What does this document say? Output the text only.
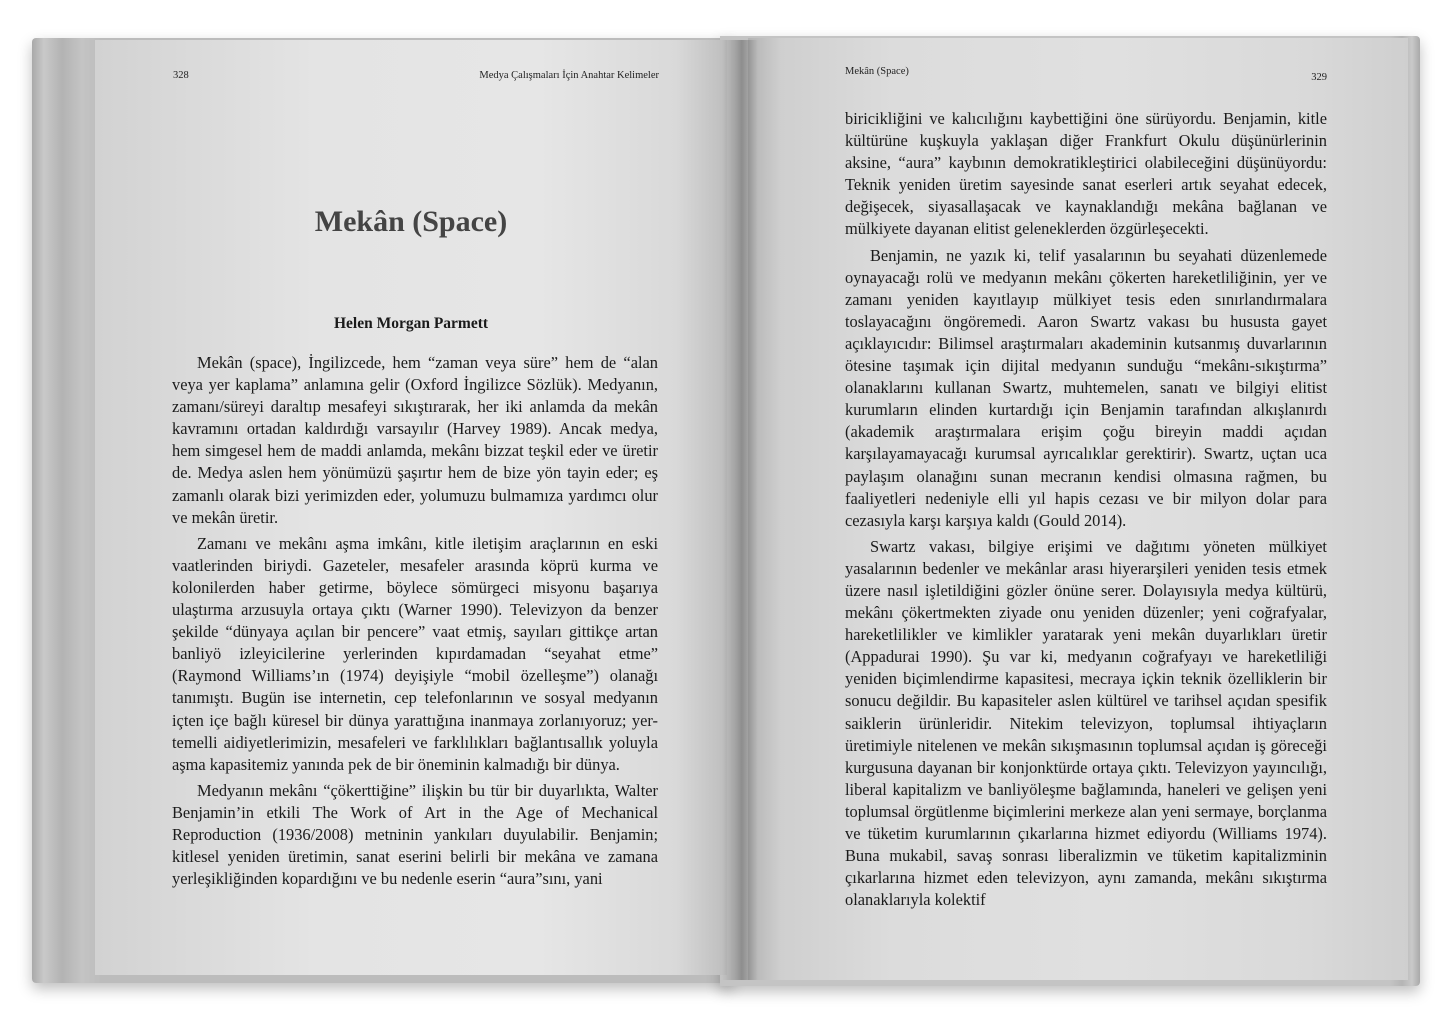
328	Medya Çalışmaları İçin Anahtar Kelimeler
Mekân (Space)
Helen Morgan Parmett

Mekân (space), İngilizcede, hem “zaman veya süre” hem de “alan veya yer kaplama” anlamına gelir (Oxford İngilizce Sözlük). Medyanın, zamanı/süreyi daraltıp mesafeyi sıkıştırarak, her iki anlamda da mekân kavramını ortadan kaldırdığı varsayılır (Harvey 1989). Ancak medya, hem simgesel hem de maddi anlamda, mekânı bizzat teşkil eder ve üretir de. Medya aslen hem yönümüzü şaşırtır hem de bize yön tayin eder; eş zamanlı olarak bizi yerimizden eder, yolumuzu bulmamıza yardımcı olur ve mekân üretir.

Zamanı ve mekânı aşma imkânı, kitle iletişim araçlarının en eski vaatlerinden biriydi. Gazeteler, mesafeler arasında köprü kurma ve kolonilerden haber getirme, böylece sömürgeci misyonu başarıya ulaştırma arzusuyla ortaya çıktı (Warner 1990). Televizyon da benzer şekilde “dünyaya açılan bir pencere” vaat etmiş, sayıları gittikçe artan banliyö izleyicilerine yerlerinden kıpırdamadan “seyahat etme” (Raymond Williams’ın (1974) deyişiyle “mobil özelleşme”) olanağı tanımıştı. Bugün ise internetin, cep telefonlarının ve sosyal medyanın içten içe bağlı küresel bir dünya yarattığına inanmaya zorlanıyoruz; yer-temelli aidiyetlerimizin, mesafeleri ve farklılıkları bağlantısallık yoluyla aşma kapasitemiz yanında pek de bir öneminin kalmadığı bir dünya.

Medyanın mekânı “çökerttiğine” ilişkin bu tür bir duyarlıkta, Walter Benjamin’in etkili The Work of Art in the Age of Mechanical Reproduction (1936/2008) metninin yankıları duyulabilir. Benjamin; kitlesel yeniden üretimin, sanat eserini belirli bir mekâna ve zamana yerleşikliğinden kopardığını ve bu nedenle eserin “aura”sını, yani

Mekân (Space)
329

biricikliğini ve kalıcılığını kaybettiğini öne sürüyordu. Benjamin, kitle kültürüne kuşkuyla yaklaşan diğer Frankfurt Okulu düşünürlerinin aksine, “aura” kaybının demokratikleştirici olabileceğini düşünüyordu: Teknik yeniden üretim sayesinde sanat eserleri artık seyahat edecek, değişecek, siyasallaşacak ve kaynaklandığı mekâna bağlanan ve mülkiyete dayanan elitist geleneklerden özgürleşecekti.

Benjamin, ne yazık ki, telif yasalarının bu seyahati düzenlemede oynayacağı rolü ve medyanın mekânı çökerten hareketliliğinin, yer ve zamanı yeniden kayıtlayıp mülkiyet tesis eden sınırlandırmalara toslayacağını öngöremedi. Aaron Swartz vakası bu hususta gayet açıklayıcıdır: Bilimsel araştırmaları akademinin kutsanmış duvarlarının ötesine taşımak için dijital medyanın sunduğu “mekânı-sıkıştırma” olanaklarını kullanan Swartz, muhtemelen, sanatı ve bilgiyi elitist kurumların elinden kurtardığı için Benjamin tarafından alkışlanırdı (akademik araştırmalara erişim çoğu bireyin maddi açıdan karşılayamayacağı kurumsal ayrıcalıklar gerektirir). Swartz, uçtan uca paylaşım olanağını sunan mecranın kendisi olmasına rağmen, bu faaliyetleri nedeniyle elli yıl hapis cezası ve bir milyon dolar para cezasıyla karşı karşıya kaldı (Gould 2014).

Swartz vakası, bilgiye erişimi ve dağıtımı yöneten mülkiyet yasalarının bedenler ve mekânlar arası hiyerarşileri yeniden tesis etmek üzere nasıl işletildiğini gözler önüne serer. Dolayısıyla medya kültürü, mekânı çökertmekten ziyade onu yeniden düzenler; yeni coğrafyalar, hareketlilikler ve kimlikler yaratarak yeni mekân duyarlıkları üretir (Appadurai 1990). Şu var ki, medyanın coğrafyayı ve hareketliliği yeniden biçimlendirme kapasitesi, mecraya içkin teknik özelliklerin bir sonucu değildir. Bu kapasiteler aslen kültürel ve tarihsel açıdan spesifik saiklerin ürünleridir. Nitekim televizyon, toplumsal ihtiyaçların üretimiyle nitelenen ve mekân sıkışmasının toplumsal açıdan iş göreceği kurgusuna dayanan bir konjonktürde ortaya çıktı. Televizyon yayıncılığı, liberal kapitalizm ve banliyöleşme bağlamında, haneleri ve gelişen yeni toplumsal örgütlenme biçimlerini merkeze alan yeni sermaye, borçlanma ve tüketim kurumlarının çıkarlarına hizmet ediyordu (Williams 1974). Buna mukabil, savaş sonrası liberalizmin ve tüketim kapitalizminin çıkarlarına hizmet eden televizyon, aynı zamanda, mekânı sıkıştırma olanaklarıyla kolektif
